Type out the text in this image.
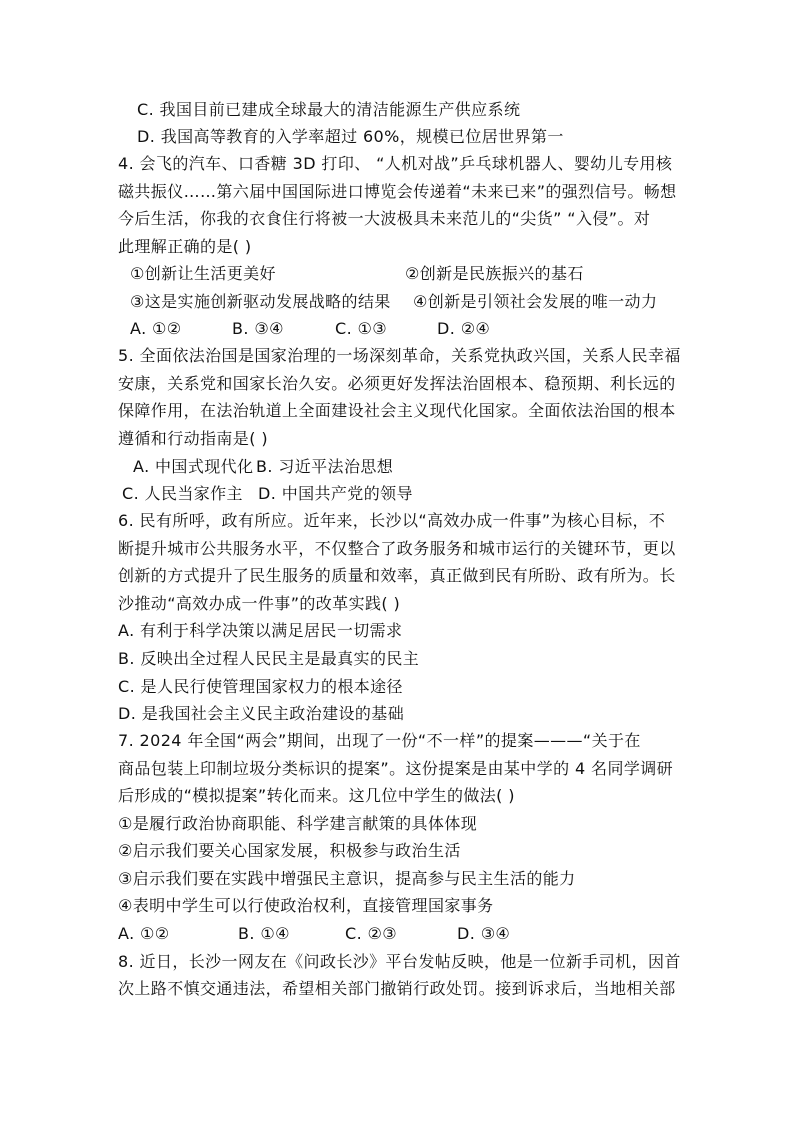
C. 我国目前已建成全球最大的清洁能源生产供应系统
D. 我国高等教育的入学率超过 60%，规模已位居世界第一
4. 会飞的汽车、口香糖 3D 打印、 “人机对战”乒乓球机器人、婴幼儿专用核
磁共振仪……第六届中国国际进口博览会传递着“未来已来”的强烈信号。畅想
今后生活，你我的衣食住行将被一大波极具未来范儿的“尖货” “入侵”。对
此理解正确的是( )
①创新让生活更美好	②创新是民族振兴的基石
③这是实施创新驱动发展战略的结果 ④创新是引领社会发展的唯一动力
A. ①②	B. ③④	C. ①③	D. ②④
5. 全面依法治国是国家治理的一场深刻革命，关系党执政兴国，关系人民幸福
安康，关系党和国家长治久安。必须更好发挥法治固根本、稳预期、利长远的
保障作用，在法治轨道上全面建设社会主义现代化国家。全面依法治国的根本
遵循和行动指南是( )
A. 中国式现代化 B. 习近平法治思想
C. 人民当家作主 D. 中国共产党的领导
6. 民有所呼，政有所应。近年来，长沙以“高效办成一件事”为核心目标，不
断提升城市公共服务水平，不仅整合了政务服务和城市运行的关键环节，更以
创新的方式提升了民生服务的质量和效率，真正做到民有所盼、政有所为。长
沙推动“高效办成一件事”的改革实践( )
A. 有利于科学决策以满足居民一切需求
B. 反映出全过程人民民主是最真实的民主
C. 是人民行使管理国家权力的根本途径
D. 是我国社会主义民主政治建设的基础
7. 2024 年全国“两会”期间，出现了一份“不一样”的提案———“关于在
商品包装上印制垃圾分类标识的提案”。这份提案是由某中学的 4 名同学调研
后形成的“模拟提案”转化而来。这几位中学生的做法( )
①是履行政治协商职能、科学建言献策的具体体现
②启示我们要关心国家发展，积极参与政治生活
③启示我们要在实践中增强民主意识，提高参与民主生活的能力
④表明中学生可以行使政治权利，直接管理国家事务
A. ①②	B. ①④	C. ②③	D. ③④
8. 近日，长沙一网友在《问政长沙》平台发帖反映，他是一位新手司机，因首
次上路不慎交通违法，希望相关部门撤销行政处罚。接到诉求后，当地相关部
